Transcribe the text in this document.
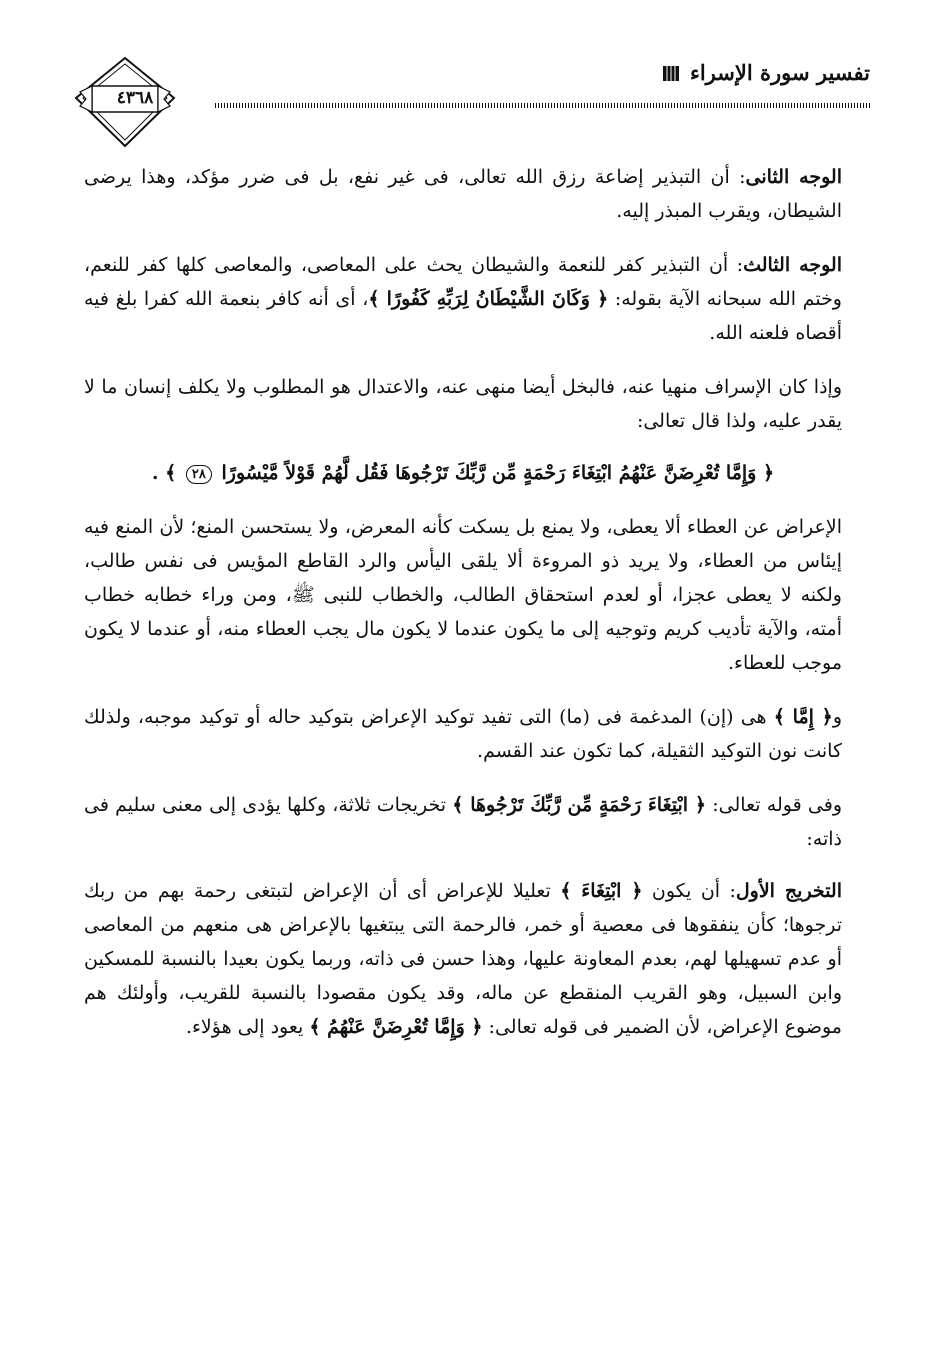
تفسير سورة الإسراء
٤٣٦٨

الوجه الثانى: أن التبذير إضاعة رزق الله تعالى، فى غير نفع، بل فى ضرر مؤكد، وهذا يرضى الشيطان، ويقرب المبذر إليه.

الوجه الثالث: أن التبذير كفر للنعمة والشيطان يحث على المعاصى، والمعاصى كلها كفر للنعم، وختم الله سبحانه الآية بقوله: ﴿ وَكَانَ الشَّيْطَانُ لِرَبِّهِ كَفُورًا ﴾، أى أنه كافر بنعمة الله كفرا بلغ فيه أقصاه فلعنه الله.

وإذا كان الإسراف منهيا عنه، فالبخل أيضا منهى عنه، والاعتدال هو المطلوب ولا يكلف إنسان ما لا يقدر عليه، ولذا قال تعالى:

﴿ وَإِمَّا تُعْرِضَنَّ عَنْهُمُ ابْتِغَاءَ رَحْمَةٍ مِّن رَّبِّكَ تَرْجُوهَا فَقُل لَّهُمْ قَوْلاً مَّيْسُورًا ٢٨ ﴾ .

الإعراض عن العطاء ألا يعطى، ولا يمنع بل يسكت كأنه المعرض، ولا يستحسن المنع؛ لأن المنع فيه إيئاس من العطاء، ولا يريد ذو المروءة ألا يلقى اليأس والرد القاطع المؤيس فى نفس طالب، ولكنه لا يعطى عجزا، أو لعدم استحقاق الطالب، والخطاب للنبى ﷺ، ومن وراء خطابه خطاب أمته، والآية تأديب كريم وتوجيه إلى ما يكون عندما لا يكون مال يجب العطاء منه، أو عندما لا يكون موجب للعطاء.

و﴿ إِمَّا ﴾ هى (إن) المدغمة فى (ما) التى تفيد توكيد الإعراض بتوكيد حاله أو توكيد موجبه، ولذلك كانت نون التوكيد الثقيلة، كما تكون عند القسم.

وفى قوله تعالى: ﴿ ابْتِغَاءَ رَحْمَةٍ مِّن رَّبِّكَ تَرْجُوهَا ﴾ تخريجات ثلاثة، وكلها يؤدى إلى معنى سليم فى ذاته:

التخريج الأول: أن يكون ﴿ ابْتِغَاءَ ﴾ تعليلا للإعراض أى أن الإعراض لتبتغى رحمة بهم من ربك ترجوها؛ كأن ينفقوها فى معصية أو خمر، فالرحمة التى يبتغيها بالإعراض هى منعهم من المعاصى أو عدم تسهيلها لهم، بعدم المعاونة عليها، وهذا حسن فى ذاته، وربما يكون بعيدا بالنسبة للمسكين وابن السبيل، وهو القريب المنقطع عن ماله، وقد يكون مقصودا بالنسبة للقريب، وأولئك هم موضوع الإعراض، لأن الضمير فى قوله تعالى: ﴿ وَإِمَّا تُعْرِضَنَّ عَنْهُمُ ﴾ يعود إلى هؤلاء.
